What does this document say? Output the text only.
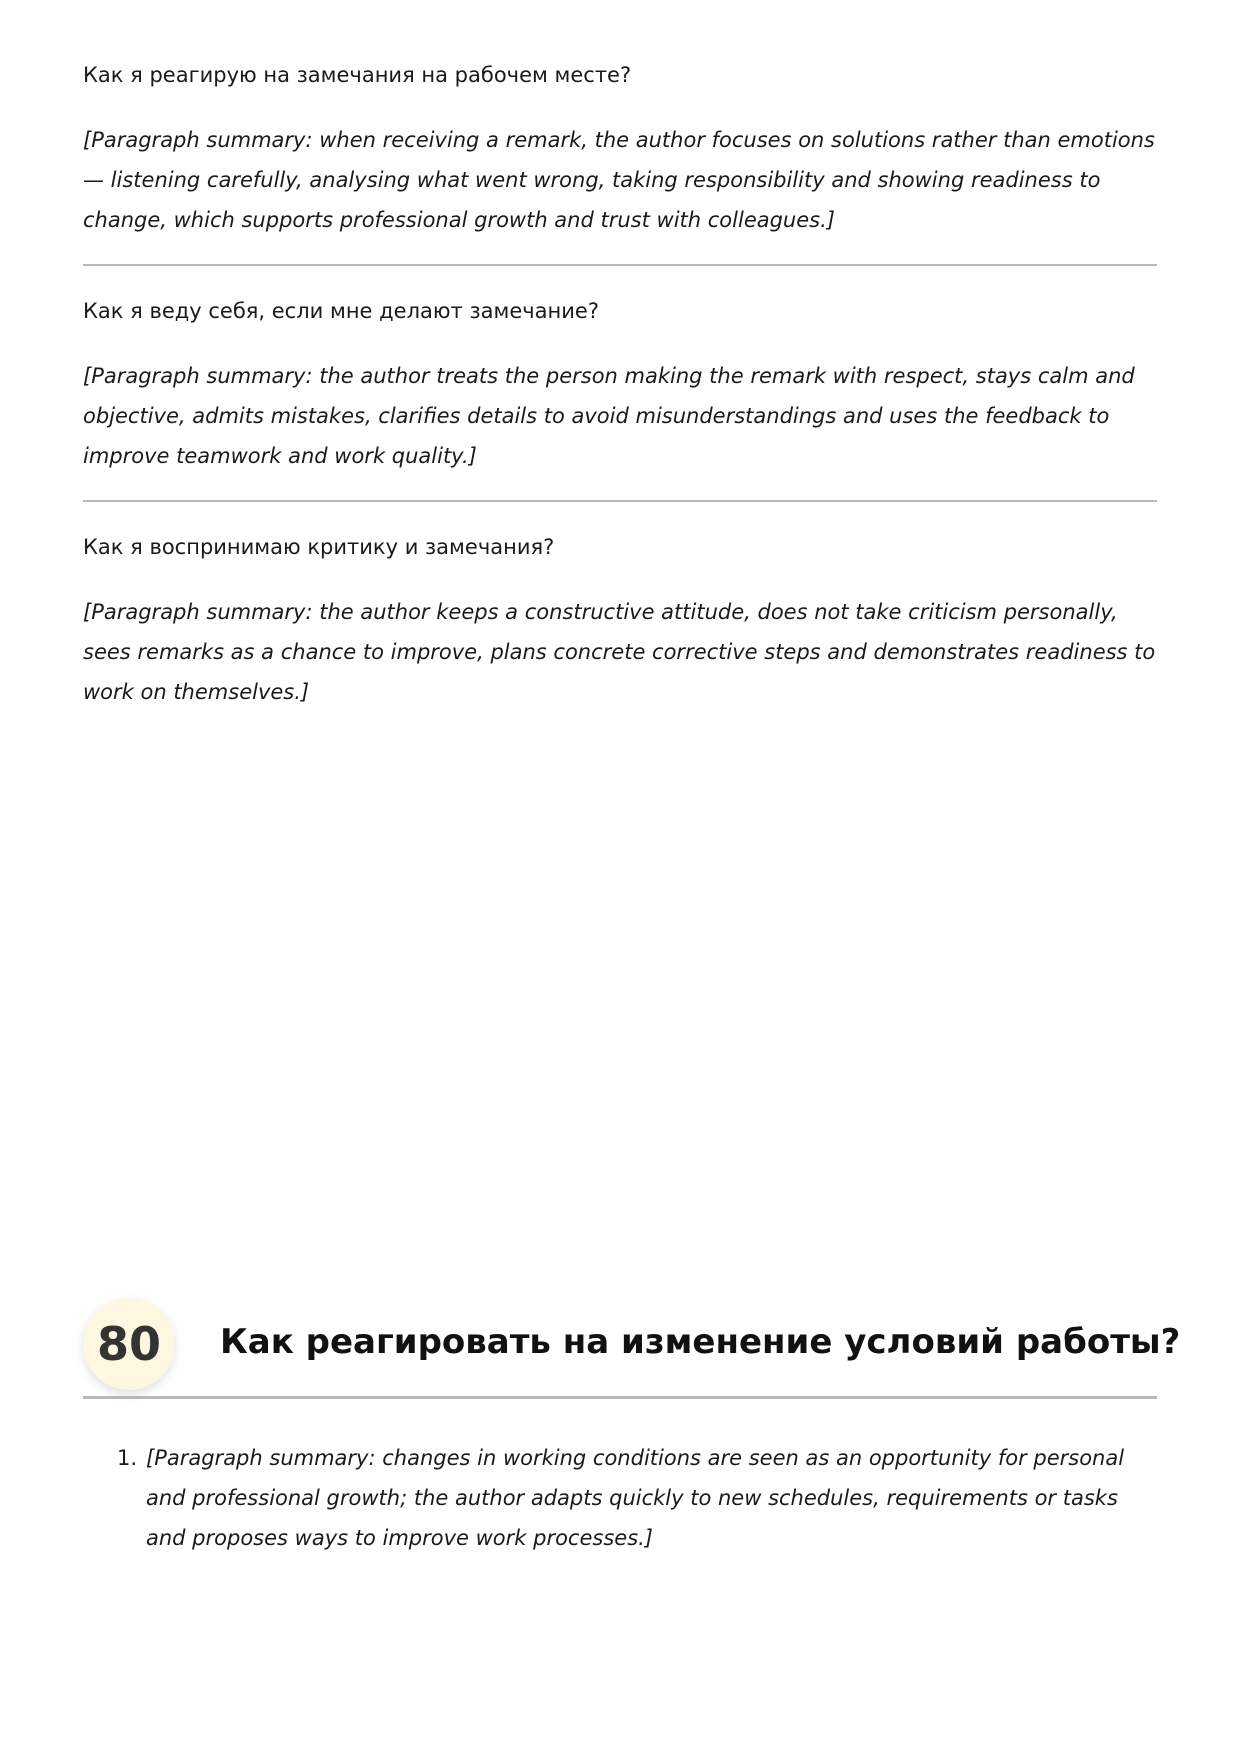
Как я реагирую на замечания на рабочем месте?

[Paragraph summary: when receiving a remark, the author focuses on solutions rather than emotions — listening carefully, analysing what went wrong, taking responsibility and showing readiness to change, which supports professional growth and trust with colleagues.]

Как я веду себя, если мне делают замечание?

[Paragraph summary: the author treats the person making the remark with respect, stays calm and objective, admits mistakes, clarifies details to avoid misunderstandings and uses the feedback to improve teamwork and work quality.]

Как я воспринимаю критику и замечания?

[Paragraph summary: the author keeps a constructive attitude, does not take criticism personally, sees remarks as a chance to improve, plans concrete corrective steps and demonstrates readiness to work on themselves.]

80	Как реагировать на изменение условий работы?
1. [Paragraph summary: changes in working conditions are seen as an opportunity for personal and professional growth; the author adapts quickly to new schedules, requirements or tasks and proposes ways to improve work processes.]
